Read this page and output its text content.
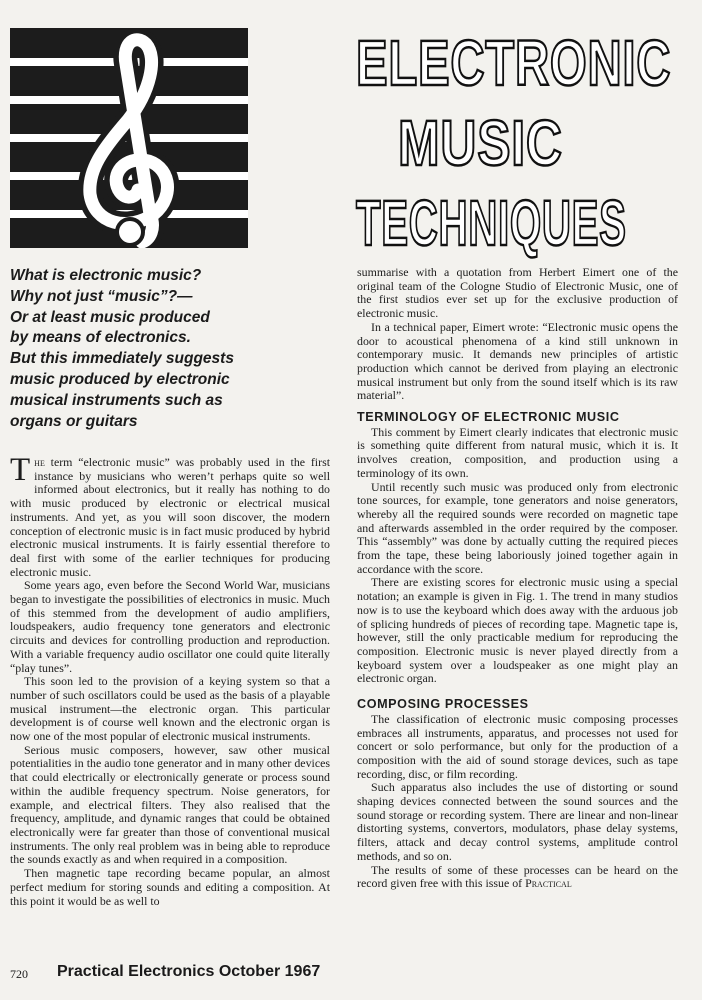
ELECTRONIC
MUSIC
TECHNIQUES
What is electronic music?
Why not just “music”?—
Or at least music produced
by means of electronics.
But this immediately suggests
music produced by electronic
musical instruments such as
organs or guitars

The term “electronic music” was probably used in the first instance by musicians who weren’t perhaps quite so well informed about electronics, but it really has nothing to do with music produced by electronic or electrical musical instruments. And yet, as you will soon discover, the modern conception of electronic music is in fact music produced by hybrid electronic musical instruments. It is fairly essential therefore to deal first with some of the earlier techniques for producing electronic music.

Some years ago, even before the Second World War, musicians began to investigate the possibilities of electronics in music. Much of this stemmed from the development of audio amplifiers, loudspeakers, audio frequency tone generators and electronic circuits and devices for controlling production and reproduction. With a variable frequency audio oscillator one could quite literally “play tunes”.

This soon led to the provision of a keying system so that a number of such oscillators could be used as the basis of a playable musical instrument—the electronic organ. This particular development is of course well known and the electronic organ is now one of the most popular of electronic musical instruments.

Serious music composers, however, saw other musical potentialities in the audio tone generator and in many other devices that could electrically or electronically generate or process sound within the audible frequency spectrum. Noise generators, for example, and electrical filters. They also realised that the frequency, amplitude, and dynamic ranges that could be obtained electronically were far greater than those of conventional musical instruments. The only real problem was in being able to reproduce the sounds exactly as and when required in a composition.

Then magnetic tape recording became popular, an almost perfect medium for storing sounds and editing a composition. At this point it would be as well to

summarise with a quotation from Herbert Eimert one of the original team of the Cologne Studio of Electronic Music, one of the first studios ever set up for the exclusive production of electronic music.

In a technical paper, Eimert wrote: “Electronic music opens the door to acoustical phenomena of a kind still unknown in contemporary music. It demands new principles of artistic production which cannot be derived from playing an electronic musical instrument but only from the sound itself which is its raw material”.

TERMINOLOGY OF ELECTRONIC MUSIC

This comment by Eimert clearly indicates that electronic music is something quite different from natural music, which it is. It involves creation, composition, and production using a terminology of its own.

Until recently such music was produced only from electronic tone sources, for example, tone generators and noise generators, whereby all the required sounds were recorded on magnetic tape and afterwards assembled in the order required by the composer. This “assembly” was done by actually cutting the required pieces from the tape, these being laboriously joined together again in accordance with the score.

There are existing scores for electronic music using a special notation; an example is given in Fig. 1. The trend in many studios now is to use the keyboard which does away with the arduous job of splicing hundreds of pieces of recording tape. Magnetic tape is, however, still the only practicable medium for reproducing the composition. Electronic music is never played directly from a keyboard system over a loudspeaker as one might play an electronic organ.

COMPOSING PROCESSES

The classification of electronic music composing processes embraces all instruments, apparatus, and processes not used for concert or solo performance, but only for the production of a composition with the aid of sound storage devices, such as tape recording, disc, or film recording.

Such apparatus also includes the use of distorting or sound shaping devices connected between the sound sources and the sound storage or recording system. There are linear and non-linear distorting systems, convertors, modulators, phase delay systems, filters, attack and decay control systems, amplitude control methods, and so on.

The results of some of these processes can be heard on the record given free with this issue of Practical

720 Practical Electronics October 1967
